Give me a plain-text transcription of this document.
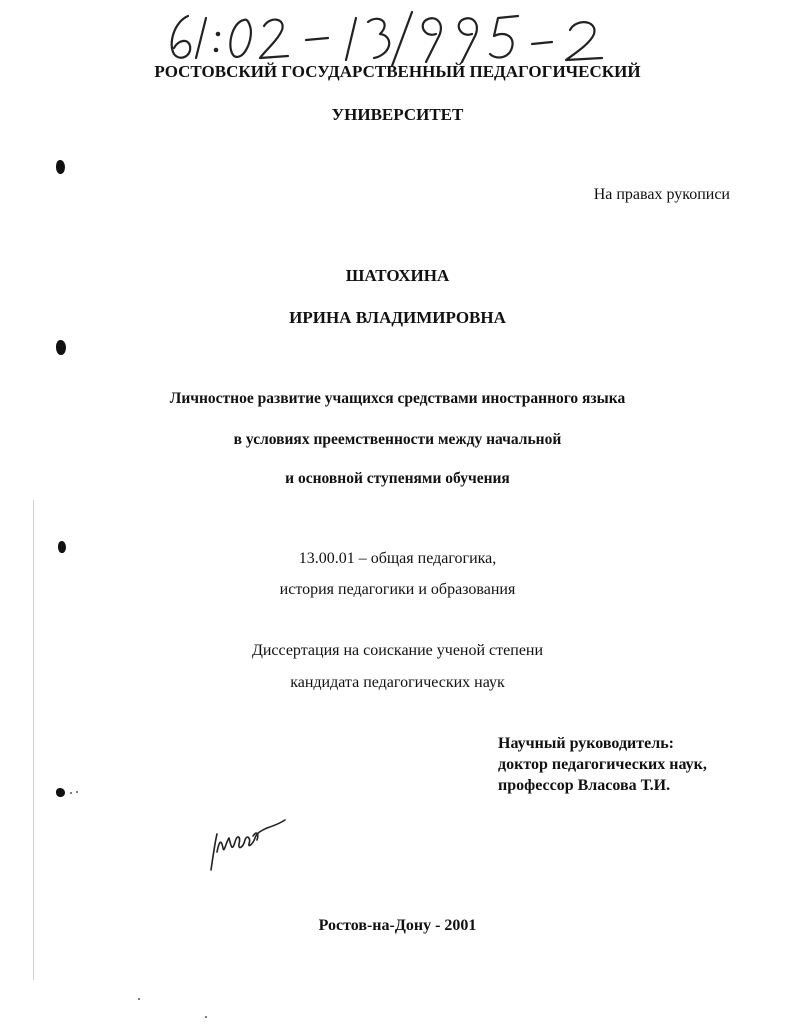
РОСТОВСКИЙ ГОСУДАРСТВЕННЫЙ ПЕДАГОГИЧЕСКИЙ
УНИВЕРСИТЕТ
На правах рукописи
ШАТОХИНА
ИРИНА ВЛАДИМИРОВНА
Личностное развитие учащихся средствами иностранного языка
в условиях преемственности между начальной
и основной ступенями обучения
13.00.01 – общая педагогика,
история педагогики и образования
Диссертация на соискание ученой степени
кандидата педагогических наук
Научный руководитель:
доктор педагогических наук,
профессор Власова Т.И.
Ростов-на-Дону - 2001
